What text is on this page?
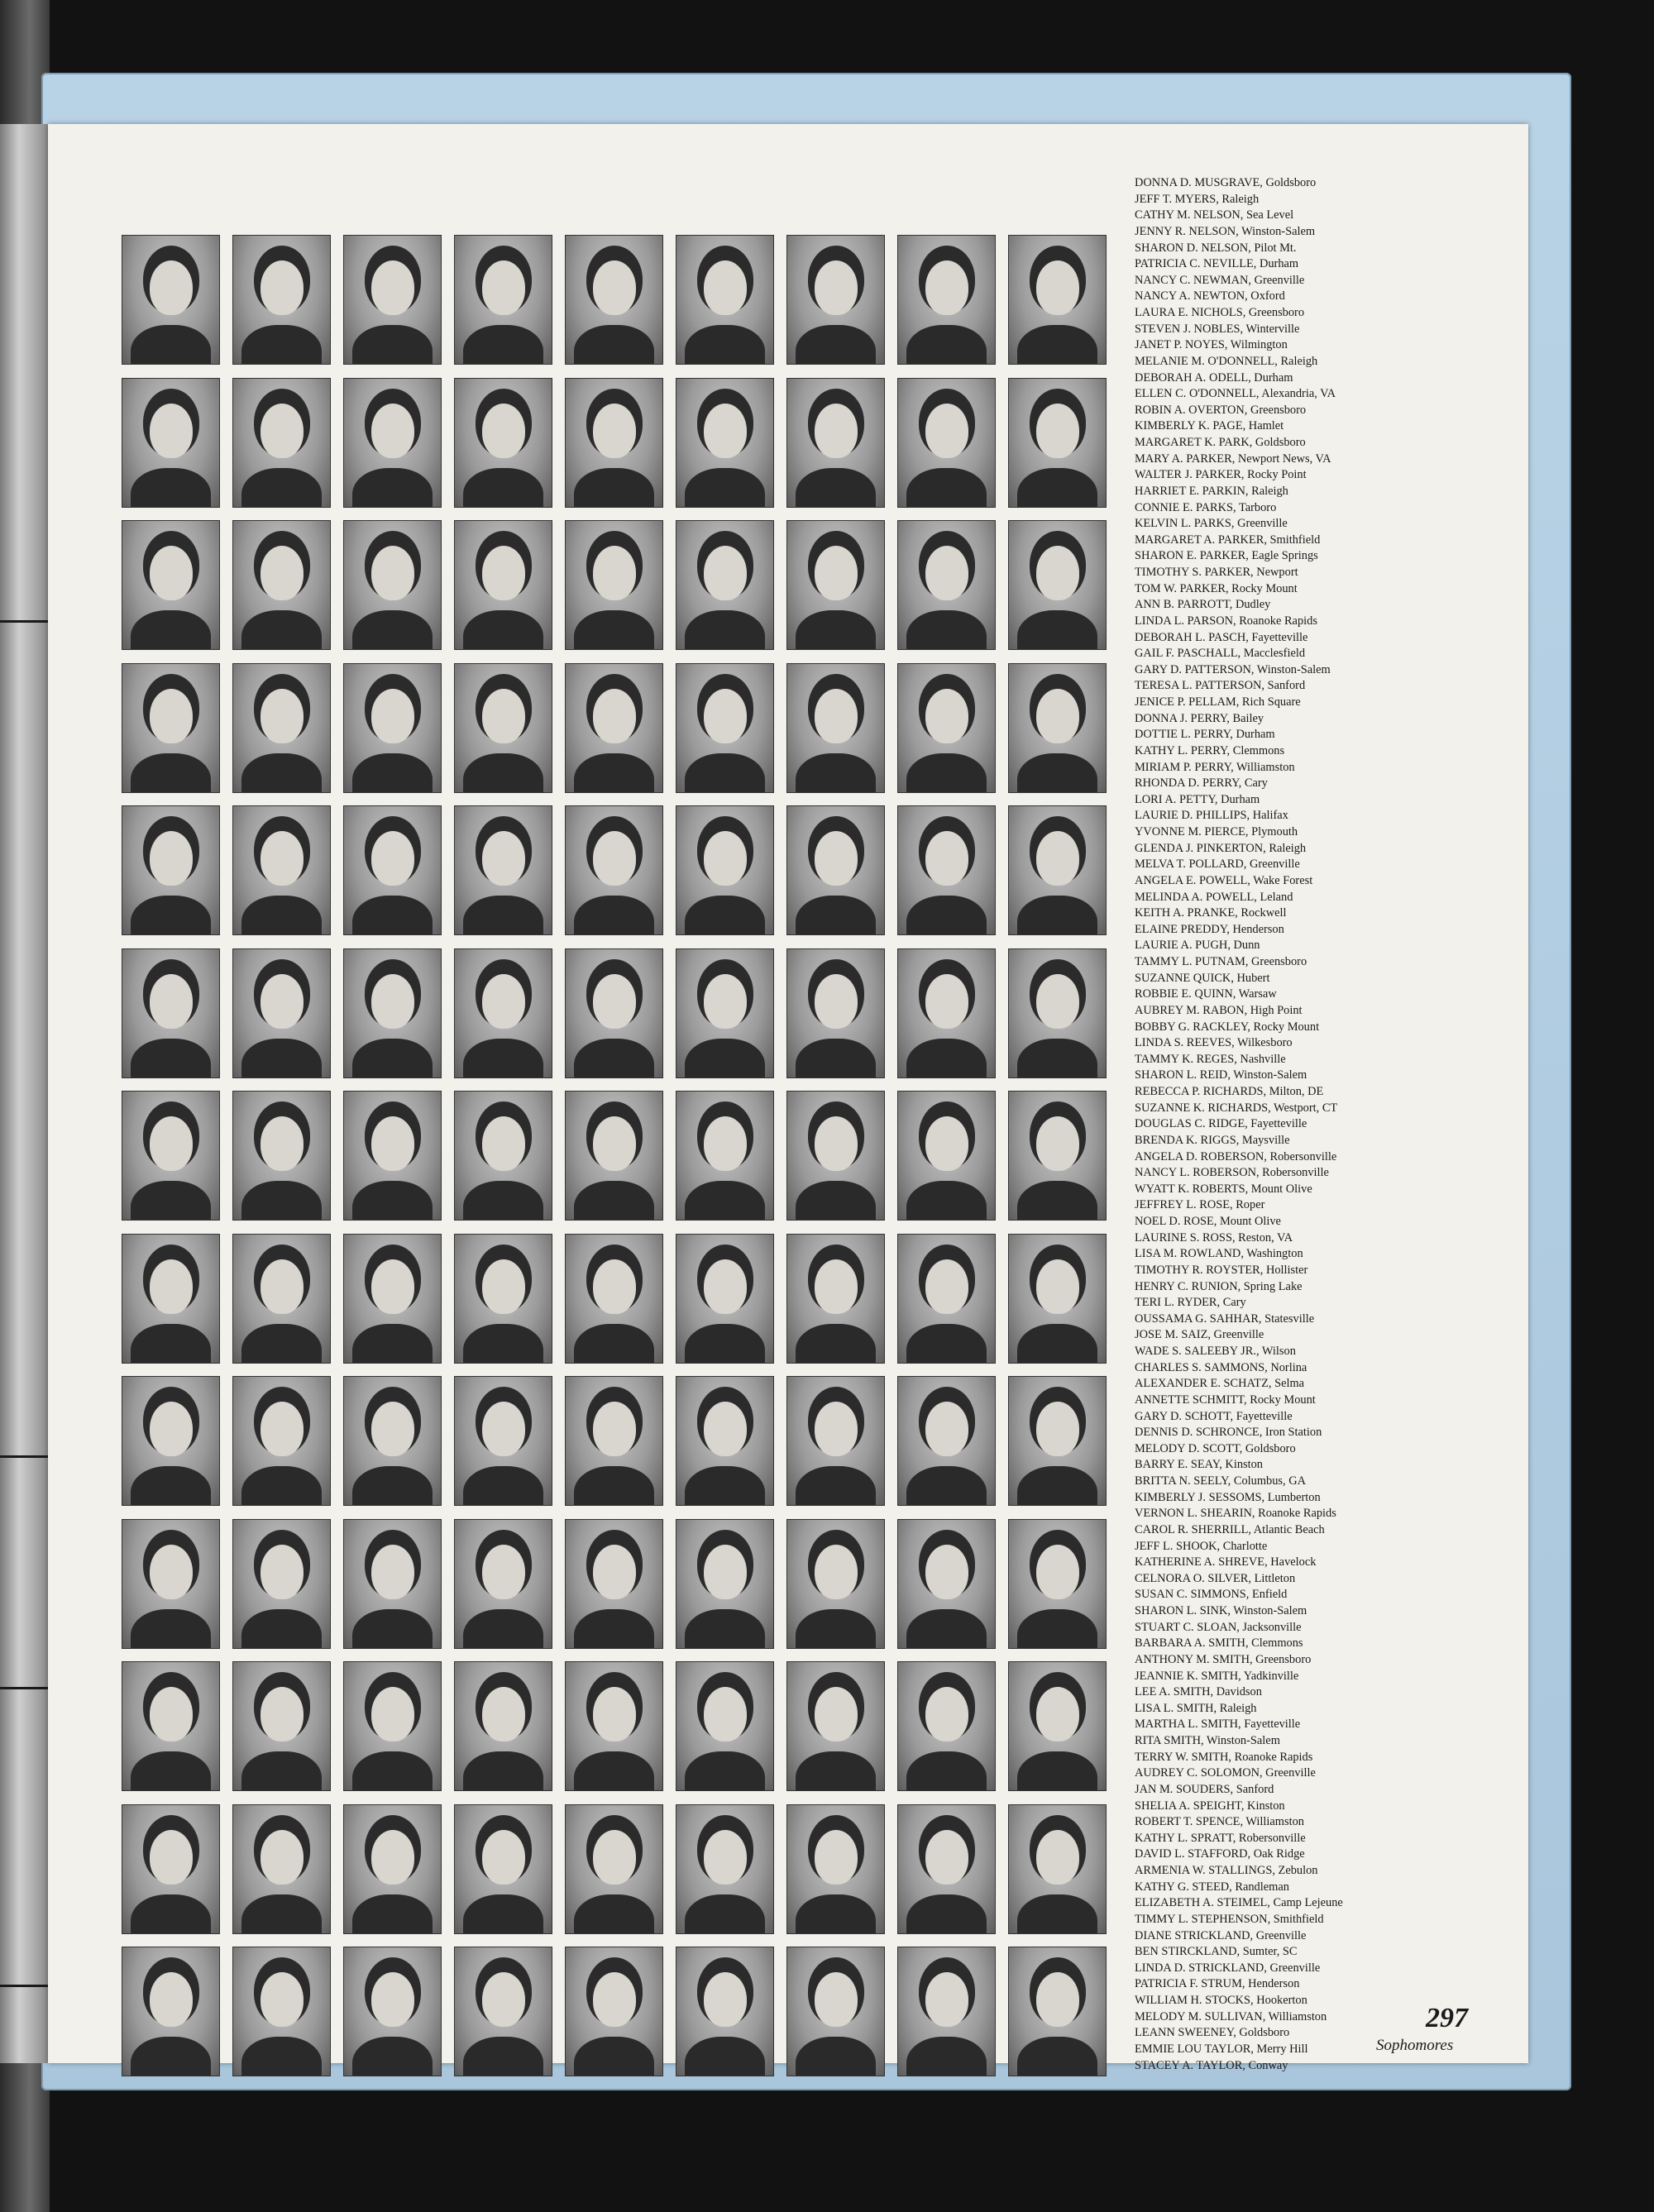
DONNA D. MUSGRAVE, Goldsboro
JEFF T. MYERS, Raleigh
CATHY M. NELSON, Sea Level
JENNY R. NELSON, Winston-Salem
SHARON D. NELSON, Pilot Mt.
PATRICIA C. NEVILLE, Durham
NANCY C. NEWMAN, Greenville
NANCY A. NEWTON, Oxford
LAURA E. NICHOLS, Greensboro
STEVEN J. NOBLES, Winterville
JANET P. NOYES, Wilmington
MELANIE M. O'DONNELL, Raleigh
DEBORAH A. ODELL, Durham
ELLEN C. O'DONNELL, Alexandria, VA
ROBIN A. OVERTON, Greensboro
KIMBERLY K. PAGE, Hamlet
MARGARET K. PARK, Goldsboro
MARY A. PARKER, Newport News, VA
WALTER J. PARKER, Rocky Point
HARRIET E. PARKIN, Raleigh
CONNIE E. PARKS, Tarboro
KELVIN L. PARKS, Greenville
MARGARET A. PARKER, Smithfield
SHARON E. PARKER, Eagle Springs
TIMOTHY S. PARKER, Newport
TOM W. PARKER, Rocky Mount
ANN B. PARROTT, Dudley
LINDA L. PARSON, Roanoke Rapids
DEBORAH L. PASCH, Fayetteville
GAIL F. PASCHALL, Macclesfield
GARY D. PATTERSON, Winston-Salem
TERESA L. PATTERSON, Sanford
JENICE P. PELLAM, Rich Square
DONNA J. PERRY, Bailey
DOTTIE L. PERRY, Durham
KATHY L. PERRY, Clemmons
MIRIAM P. PERRY, Williamston
RHONDA D. PERRY, Cary
LORI A. PETTY, Durham
LAURIE D. PHILLIPS, Halifax
YVONNE M. PIERCE, Plymouth
GLENDA J. PINKERTON, Raleigh
MELVA T. POLLARD, Greenville
ANGELA E. POWELL, Wake Forest
MELINDA A. POWELL, Leland
KEITH A. PRANKE, Rockwell
ELAINE PREDDY, Henderson
LAURIE A. PUGH, Dunn
TAMMY L. PUTNAM, Greensboro
SUZANNE QUICK, Hubert
ROBBIE E. QUINN, Warsaw
AUBREY M. RABON, High Point
BOBBY G. RACKLEY, Rocky Mount
LINDA S. REEVES, Wilkesboro
TAMMY K. REGES, Nashville
SHARON L. REID, Winston-Salem
REBECCA P. RICHARDS, Milton, DE
SUZANNE K. RICHARDS, Westport, CT
DOUGLAS C. RIDGE, Fayetteville
BRENDA K. RIGGS, Maysville
ANGELA D. ROBERSON, Robersonville
NANCY L. ROBERSON, Robersonville
WYATT K. ROBERTS, Mount Olive
JEFFREY L. ROSE, Roper
NOEL D. ROSE, Mount Olive
LAURINE S. ROSS, Reston, VA
LISA M. ROWLAND, Washington
TIMOTHY R. ROYSTER, Hollister
HENRY C. RUNION, Spring Lake
TERI L. RYDER, Cary
OUSSAMA G. SAHHAR, Statesville
JOSE M. SAIZ, Greenville
WADE S. SALEEBY JR., Wilson
CHARLES S. SAMMONS, Norlina
ALEXANDER E. SCHATZ, Selma
ANNETTE SCHMITT, Rocky Mount
GARY D. SCHOTT, Fayetteville
DENNIS D. SCHRONCE, Iron Station
MELODY D. SCOTT, Goldsboro
BARRY E. SEAY, Kinston
BRITTA N. SEELY, Columbus, GA
KIMBERLY J. SESSOMS, Lumberton
VERNON L. SHEARIN, Roanoke Rapids
CAROL R. SHERRILL, Atlantic Beach
JEFF L. SHOOK, Charlotte
KATHERINE A. SHREVE, Havelock
CELNORA O. SILVER, Littleton
SUSAN C. SIMMONS, Enfield
SHARON L. SINK, Winston-Salem
STUART C. SLOAN, Jacksonville
BARBARA A. SMITH, Clemmons
ANTHONY M. SMITH, Greensboro
JEANNIE K. SMITH, Yadkinville
LEE A. SMITH, Davidson
LISA L. SMITH, Raleigh
MARTHA L. SMITH, Fayetteville
RITA SMITH, Winston-Salem
TERRY W. SMITH, Roanoke Rapids
AUDREY C. SOLOMON, Greenville
JAN M. SOUDERS, Sanford
SHELIA A. SPEIGHT, Kinston
ROBERT T. SPENCE, Williamston
KATHY L. SPRATT, Robersonville
DAVID L. STAFFORD, Oak Ridge
ARMENIA W. STALLINGS, Zebulon
KATHY G. STEED, Randleman
ELIZABETH A. STEIMEL, Camp Lejeune
TIMMY L. STEPHENSON, Smithfield
DIANE STRICKLAND, Greenville
BEN STIRCKLAND, Sumter, SC
LINDA D. STRICKLAND, Greenville
PATRICIA F. STRUM, Henderson
WILLIAM H. STOCKS, Hookerton
MELODY M. SULLIVAN, Williamston
LEANN SWEENEY, Goldsboro
EMMIE LOU TAYLOR, Merry Hill
STACEY A. TAYLOR, Conway
297
Sophomores
